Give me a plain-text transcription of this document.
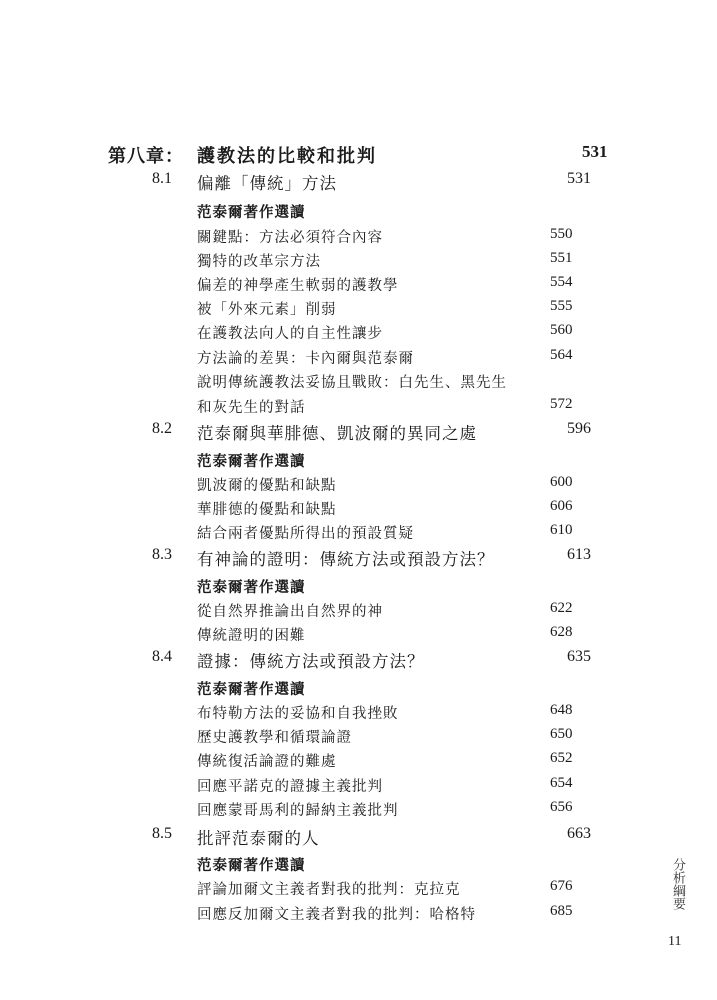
第八章： 護教法的比較和批判	531
8.1 偏離「傳統」方法	531
范泰爾著作選讀
關鍵點：方法必須符合內容	550
獨特的改革宗方法	551
偏差的神學產生軟弱的護教學	554
被「外來元素」削弱	555
在護教法向人的自主性讓步	560
方法論的差異：卡內爾與范泰爾	564
說明傳統護教法妥協且戰敗：白先生、黑先生
和灰先生的對話	572
8.2 范泰爾與華腓德、凱波爾的異同之處	596
范泰爾著作選讀
凱波爾的優點和缺點	600
華腓德的優點和缺點	606
結合兩者優點所得出的預設質疑	610
8.3 有神論的證明：傳統方法或預設方法？	613
范泰爾著作選讀
從自然界推論出自然界的神	622
傳統證明的困難	628
8.4 證據：傳統方法或預設方法？	635
范泰爾著作選讀
布特勒方法的妥協和自我挫敗	648
歷史護教學和循環論證	650
傳統復活論證的難處	652
回應平諾克的證據主義批判	654
回應蒙哥馬利的歸納主義批判	656
8.5 批評范泰爾的人	663
范泰爾著作選讀
評論加爾文主義者對我的批判：克拉克	676
回應反加爾文主義者對我的批判：哈格特	685
分析綱要
11
